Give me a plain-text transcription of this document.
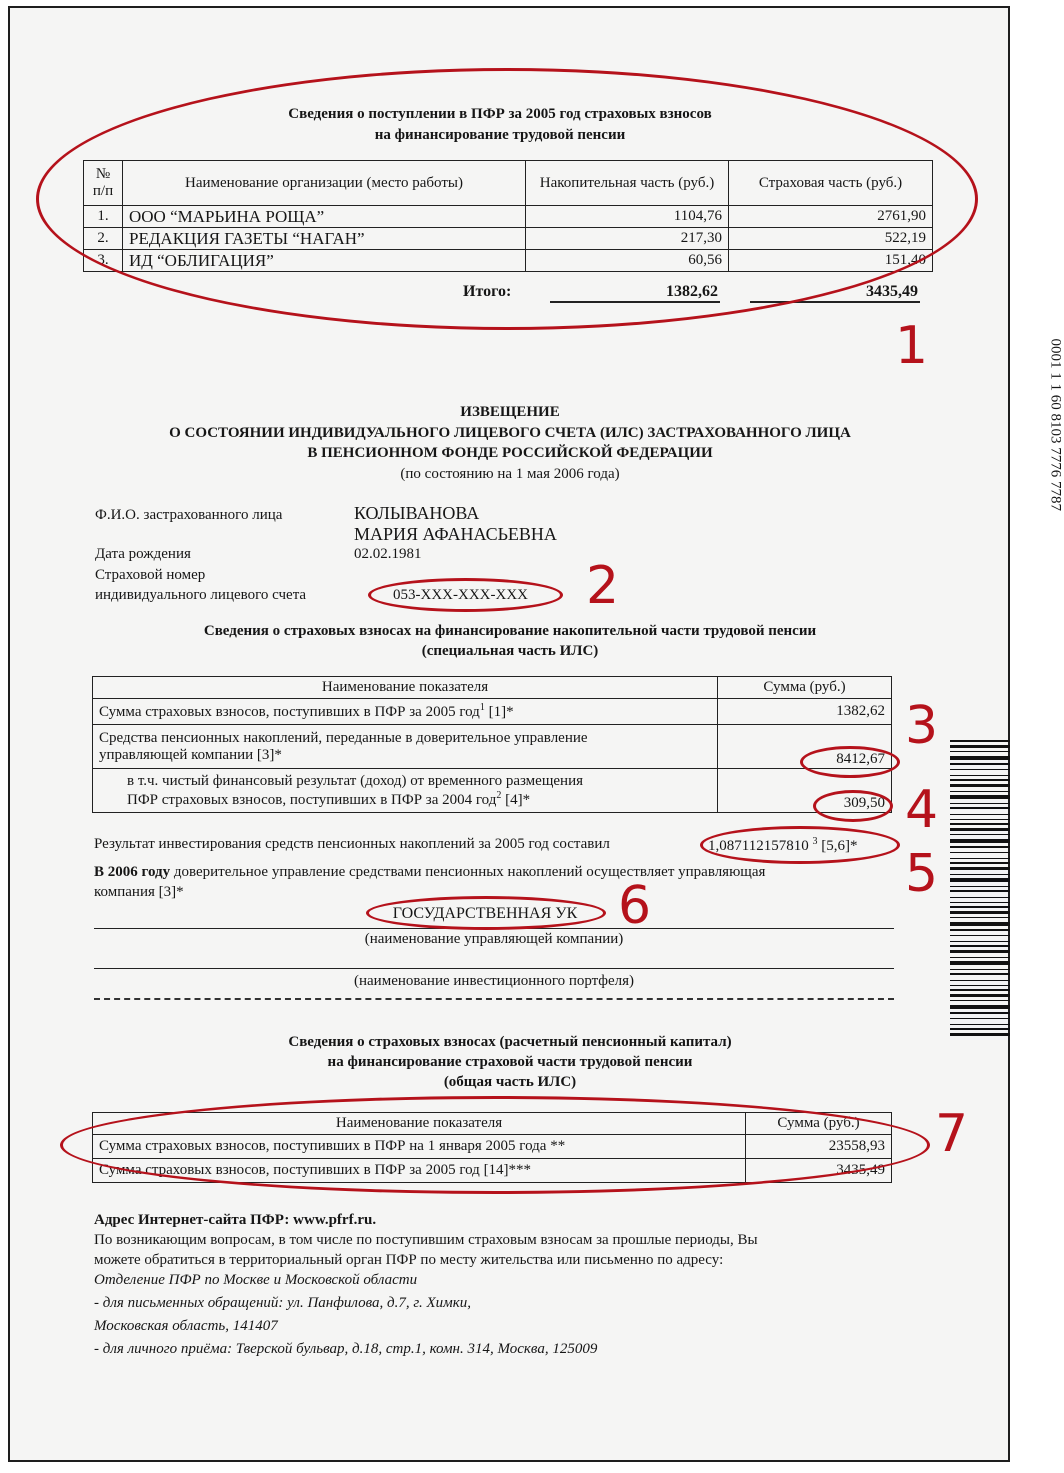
Сведения о поступлении в ПФР за 2005 год страховых взносов
на финансирование трудовой пенсии
№ п/п	Наименование организации (место работы)	Накопительная часть (руб.)	Страховая часть (руб.)
1.	ООО “МАРЬИНА РОЩА”	1104,76	2761,90
2.	РЕДАКЦИЯ ГАЗЕТЫ “НАГАН”	217,30	522,19
3.	ИД “ОБЛИГАЦИЯ”	60,56	151,40
Итого:	1382,62	3435,49
1	0001 1 1 60 8103 7776 7787
ИЗВЕЩЕНИЕ
О СОСТОЯНИИ ИНДИВИДУАЛЬНОГО ЛИЦЕВОГО СЧЕТА (ИЛС) ЗАСТРАХОВАННОГО ЛИЦА
В ПЕНСИОННОМ ФОНДЕ РОССИЙСКОЙ ФЕДЕРАЦИИ
(по состоянию на 1 мая 2006 года)
Ф.И.О. застрахованного лица	КОЛЫВАНОВА
МАРИЯ АФАНАСЬЕВНА
Дата рождения	02.02.1981
Страховой номер
индивидуального лицевого счета	053-XXX-XXX-XXX 2
Сведения о страховых взносах на финансирование накопительной части трудовой пенсии
(специальная часть ИЛС)
Наименование показателя	Сумма (руб.)
Сумма страховых взносов, поступивших в ПФР за 2005 год$^1$ [1]*	1382,62

Средства пенсионных накоплений, переданные в доверительное управление
управляющей компании [3]*	8412,67

в т.ч. чистый финансовый результат (доход) от временного размещения
ПФР страховых взносов, поступивших в ПФР за 2004 год$^2$ [4]*	309,50
3
4
Результат инвестирования средств пенсионных накоплений за 2005 год составил	1,087112157810 $^3$ [5,6]* 5
В 2006 году доверительное управление средствами пенсионных накоплений осуществляет управляющая
компания [3]*
ГОСУДАРСТВЕННАЯ УК
(наименование управляющей компании)
6
(наименование инвестиционного портфеля)
Сведения о страховых взносах (расчетный пенсионный капитал)
на финансирование страховой части трудовой пенсии
(общая часть ИЛС)
Наименование показателя	Сумма (руб.)
Сумма страховых взносов, поступивших в ПФР на 1 января 2005 года **	23558,93
Сумма страховых взносов, поступивших в ПФР за 2005 год [14]***	3435,49
7
Адрес Интернет-сайта ПФР: www.pfrf.ru.
По возникающим вопросам, в том числе по поступившим страховым взносам за прошлые периоды, Вы
можете обратиться в территориальный орган ПФР по месту жительства или письменно по адресу:
Отделение ПФР по Москве и Московской области
- для письменных обращений: ул. Панфилова, д.7, г. Химки,
Московская область, 141407
- для личного приёма: Тверской бульвар, д.18, стр.1, комн. 314, Москва, 125009
